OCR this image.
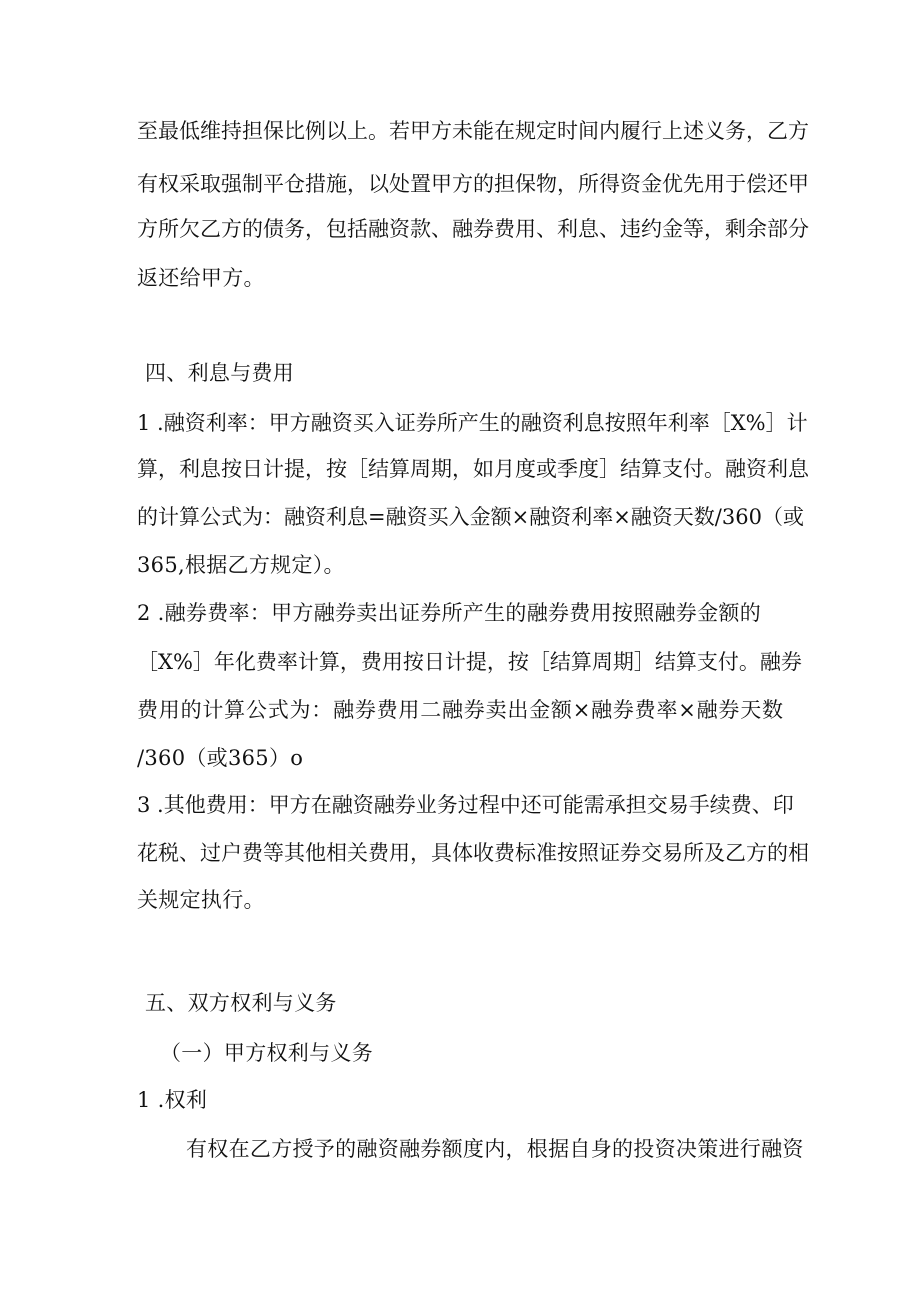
至最低维持担保比例以上。若甲方未能在规定时间内履行上述义务，乙方
有权采取强制平仓措施，以处置甲方的担保物，所得资金优先用于偿还甲
方所欠乙方的债务，包括融资款、融券费用、利息、违约金等，剩余部分
返还给甲方。
四、利息与费用
1 .融资利率：甲方融资买入证券所产生的融资利息按照年利率［X%］计
算，利息按日计提，按［结算周期，如月度或季度］结算支付。融资利息
的计算公式为：融资利息=融资买入金额×融资利率×融资天数/360（或
365,根据乙方规定）。
2 .融券费率：甲方融券卖出证券所产生的融券费用按照融券金额的
［X%］年化费率计算，费用按日计提，按［结算周期］结算支付。融券
费用的计算公式为：融券费用二融券卖出金额×融券费率×融券天数
/360（或365）o
3 .其他费用：甲方在融资融券业务过程中还可能需承担交易手续费、印
花税、过户费等其他相关费用，具体收费标准按照证券交易所及乙方的相
关规定执行。
五、双方权利与义务
（一）甲方权利与义务
1 .权利
有权在乙方授予的融资融券额度内，根据自身的投资决策进行融资
